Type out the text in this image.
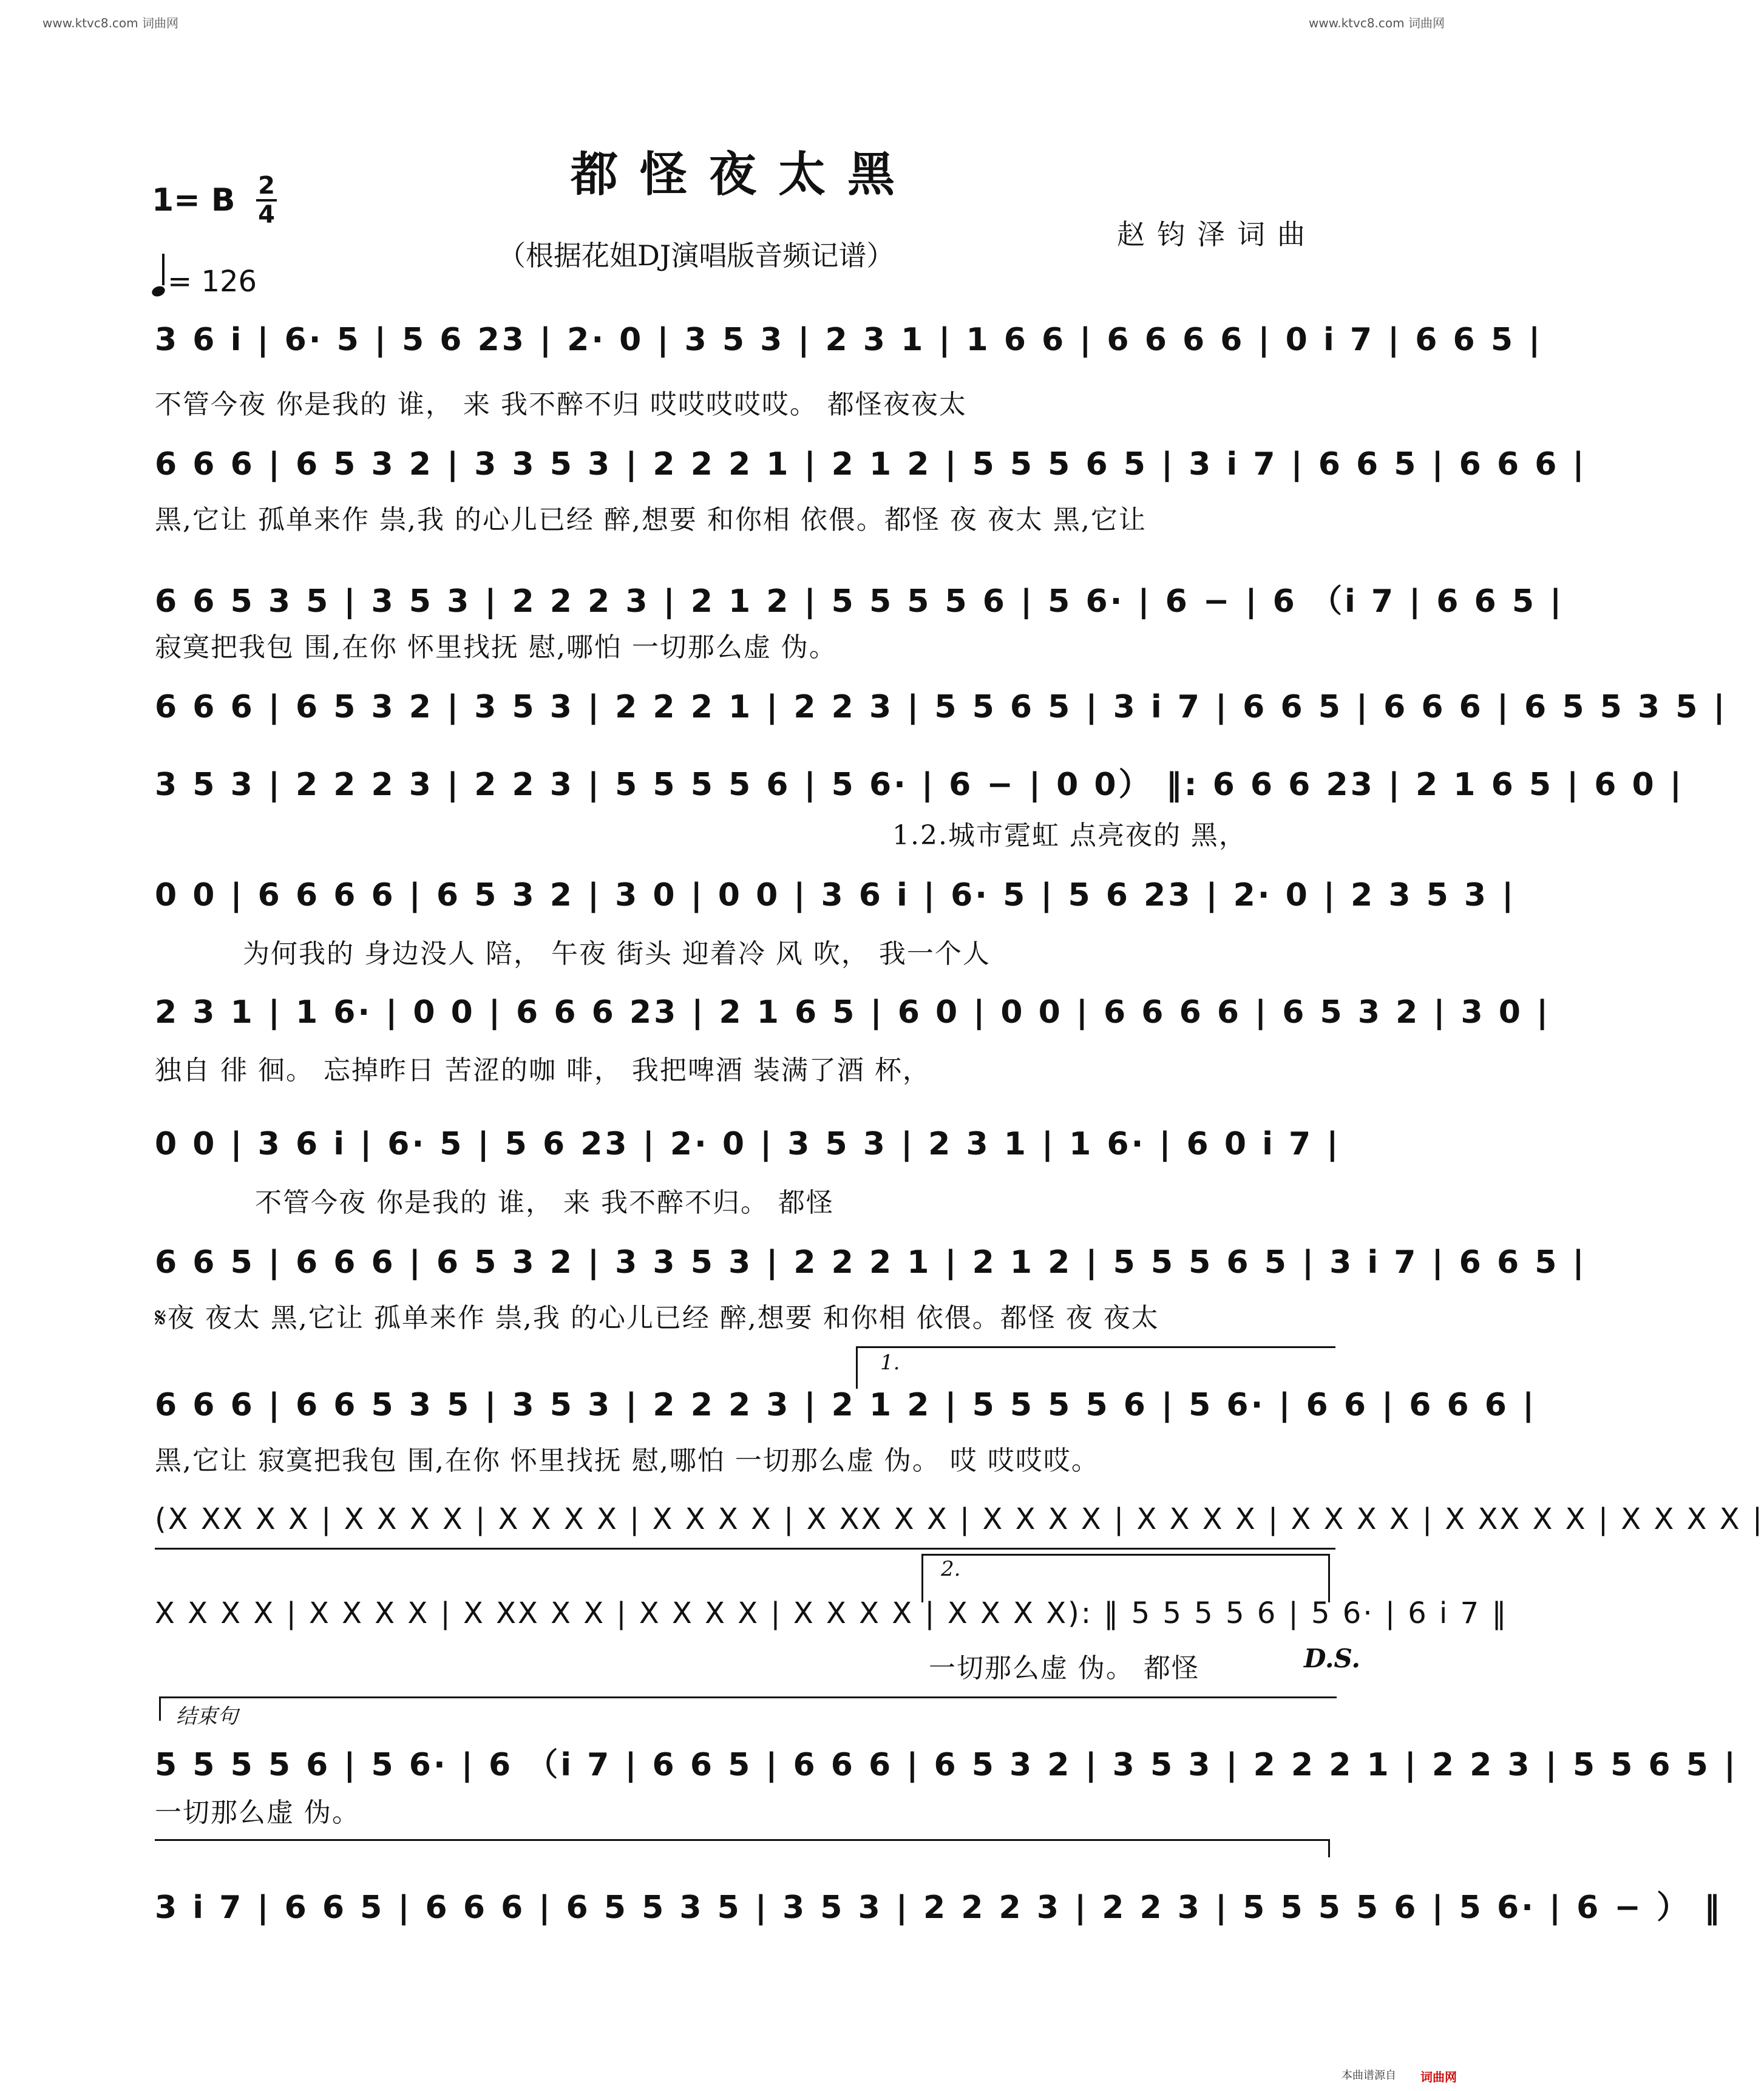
www.ktvc8.com 词曲网	www.ktvc8.com 词曲网
都怪夜太黑
1= B 2
4
= 126
（根据花姐DJ演唱版音频记谱）
赵钧泽词曲
3 6 i | 6· 5 | 5 6 23 | 2· 0 | 3 5 3 | 2 3 1 | 1 6 6 | 6 6 6 6 | 0 i 7 | 6 6 5 |
不管今夜 你是我的 谁， 来 我不醉不归 哎哎哎哎哎。 都怪夜夜太
6 6 6 | 6 5 3 2 | 3 3 5 3 | 2 2 2 1 | 2 1 2 | 5 5 5 6 5 | 3 i 7 | 6 6 5 | 6 6 6 |
黑,它让 孤单来作 祟,我 的心儿已经 醉,想要 和你相 依偎。都怪 夜 夜太 黑,它让
6 6 5 3 5 | 3 5 3 | 2 2 2 3 | 2 1 2 | 5 5 5 5 6 | 5 6· | 6 − | 6 （i 7 | 6 6 5 |
寂寞把我包 围,在你 怀里找抚 慰,哪怕 一切那么虚 伪。
6 6 6 | 6 5 3 2 | 3 5 3 | 2 2 2 1 | 2 2 3 | 5 5 6 5 | 3 i 7 | 6 6 5 | 6 6 6 | 6 5 5 3 5 |
3 5 3 | 2 2 2 3 | 2 2 3 | 5 5 5 5 6 | 5 6· | 6 − | 0 0） ‖: 6 6 6 23 | 2 1 6 5 | 6 0 |
1.2.城市霓虹 点亮夜的 黑，
0 0 | 6 6 6 6 | 6 5 3 2 | 3 0 | 0 0 | 3 6 i | 6· 5 | 5 6 23 | 2· 0 | 2 3 5 3 |
为何我的 身边没人 陪， 午夜 街头 迎着冷 风 吹， 我一个人
2 3 1 | 1 6· | 0 0 | 6 6 6 23 | 2 1 6 5 | 6 0 | 0 0 | 6 6 6 6 | 6 5 3 2 | 3 0 |
独自 徘 徊。 忘掉昨日 苦涩的咖 啡， 我把啤酒 装满了酒 杯，
0 0 | 3 6 i | 6· 5 | 5 6 23 | 2· 0 | 3 5 3 | 2 3 1 | 1 6· | 6 0 i 7 |
不管今夜 你是我的 谁， 来 我不醉不归。 都怪
6 6 5 | 6 6 6 | 6 5 3 2 | 3 3 5 3 | 2 2 2 1 | 2 1 2 | 5 5 5 6 5 | 3 i 7 | 6 6 5 |
𝄋夜 夜太 黑,它让 孤单来作 祟,我 的心儿已经 醉,想要 和你相 依偎。都怪 夜 夜太
1.
6 6 6 | 6 6 5 3 5 | 3 5 3 | 2 2 2 3 | 2 1 2 | 5 5 5 5 6 | 5 6· | 6 6 | 6 6 6 |
黑,它让 寂寞把我包 围,在你 怀里找抚 慰,哪怕 一切那么虚 伪。 哎 哎哎哎。
(X XX X X | X X X X | X X X X | X X X X | X XX X X | X X X X | X X X X | X X X X | X XX X X | X X X X |
2.
X X X X | X X X X | X XX X X | X X X X | X X X X | X X X X): ‖ 5 5 5 5 6 | 5 6· | 6 i 7 ‖
一切那么虚 伪。 都怪	D.S.
结束句
5 5 5 5 6 | 5 6· | 6 （i 7 | 6 6 5 | 6 6 6 | 6 5 3 2 | 3 5 3 | 2 2 2 1 | 2 2 3 | 5 5 6 5 |
一切那么虚 伪。
3 i 7 | 6 6 5 | 6 6 6 | 6 5 5 3 5 | 3 5 3 | 2 2 2 3 | 2 2 3 | 5 5 5 5 6 | 5 6· | 6 − ） ‖
本曲谱源自 词曲网
